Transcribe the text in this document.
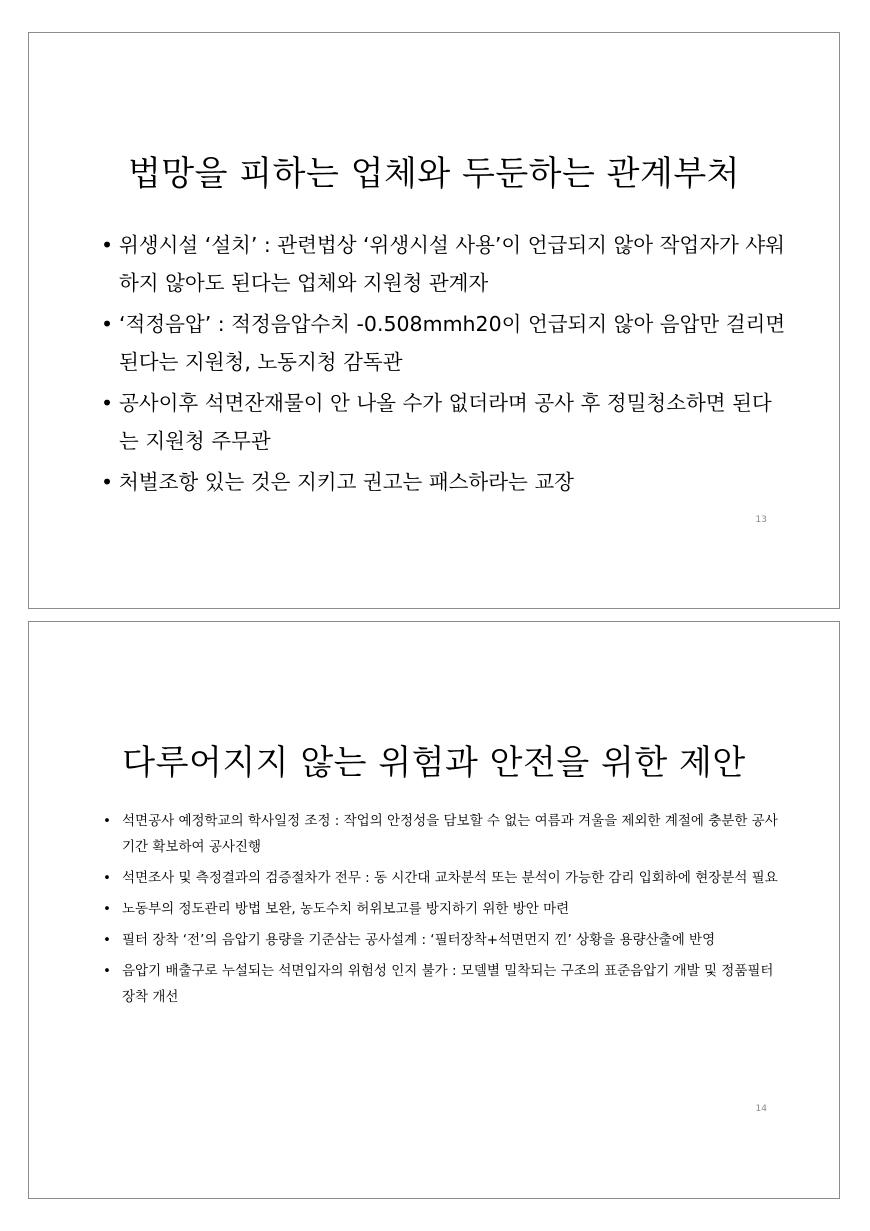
법망을 피하는 업체와 두둔하는 관계부처
• 위생시설 ‘설치’ : 관련법상 ‘위생시설 사용’이 언급되지 않아 작업자가 샤워하지 않아도 된다는 업체와 지원청 관계자
• ‘적정음압’ : 적정음압수치 -0.508mmh20이 언급되지 않아 음압만 걸리면 된다는 지원청, 노동지청 감독관
• 공사이후 석면잔재물이 안 나올 수가 없더라며 공사 후 정밀청소하면 된다는 지원청 주무관
• 처벌조항 있는 것은 지키고 권고는 패스하라는 교장
13
다루어지지 않는 위험과 안전을 위한 제안
• 석면공사 예정학교의 학사일정 조정 : 작업의 안정성을 담보할 수 없는 여름과 겨울을 제외한 계절에 충분한 공사기간 확보하여 공사진행
• 석면조사 및 측정결과의 검증절차가 전무 : 동 시간대 교차분석 또는 분석이 가능한 감리 입회하에 현장분석 필요
• 노동부의 정도관리 방법 보완, 농도수치 허위보고를 방지하기 위한 방안 마련
• 필터 장착 ‘전’의 음압기 용량을 기준삼는 공사설계 : ‘필터장착+석면먼지 낀’ 상황을 용량산출에 반영
• 음압기 배출구로 누설되는 석면입자의 위험성 인지 불가 : 모델별 밀착되는 구조의 표준음압기 개발 및 정품필터 장착 개선
14
